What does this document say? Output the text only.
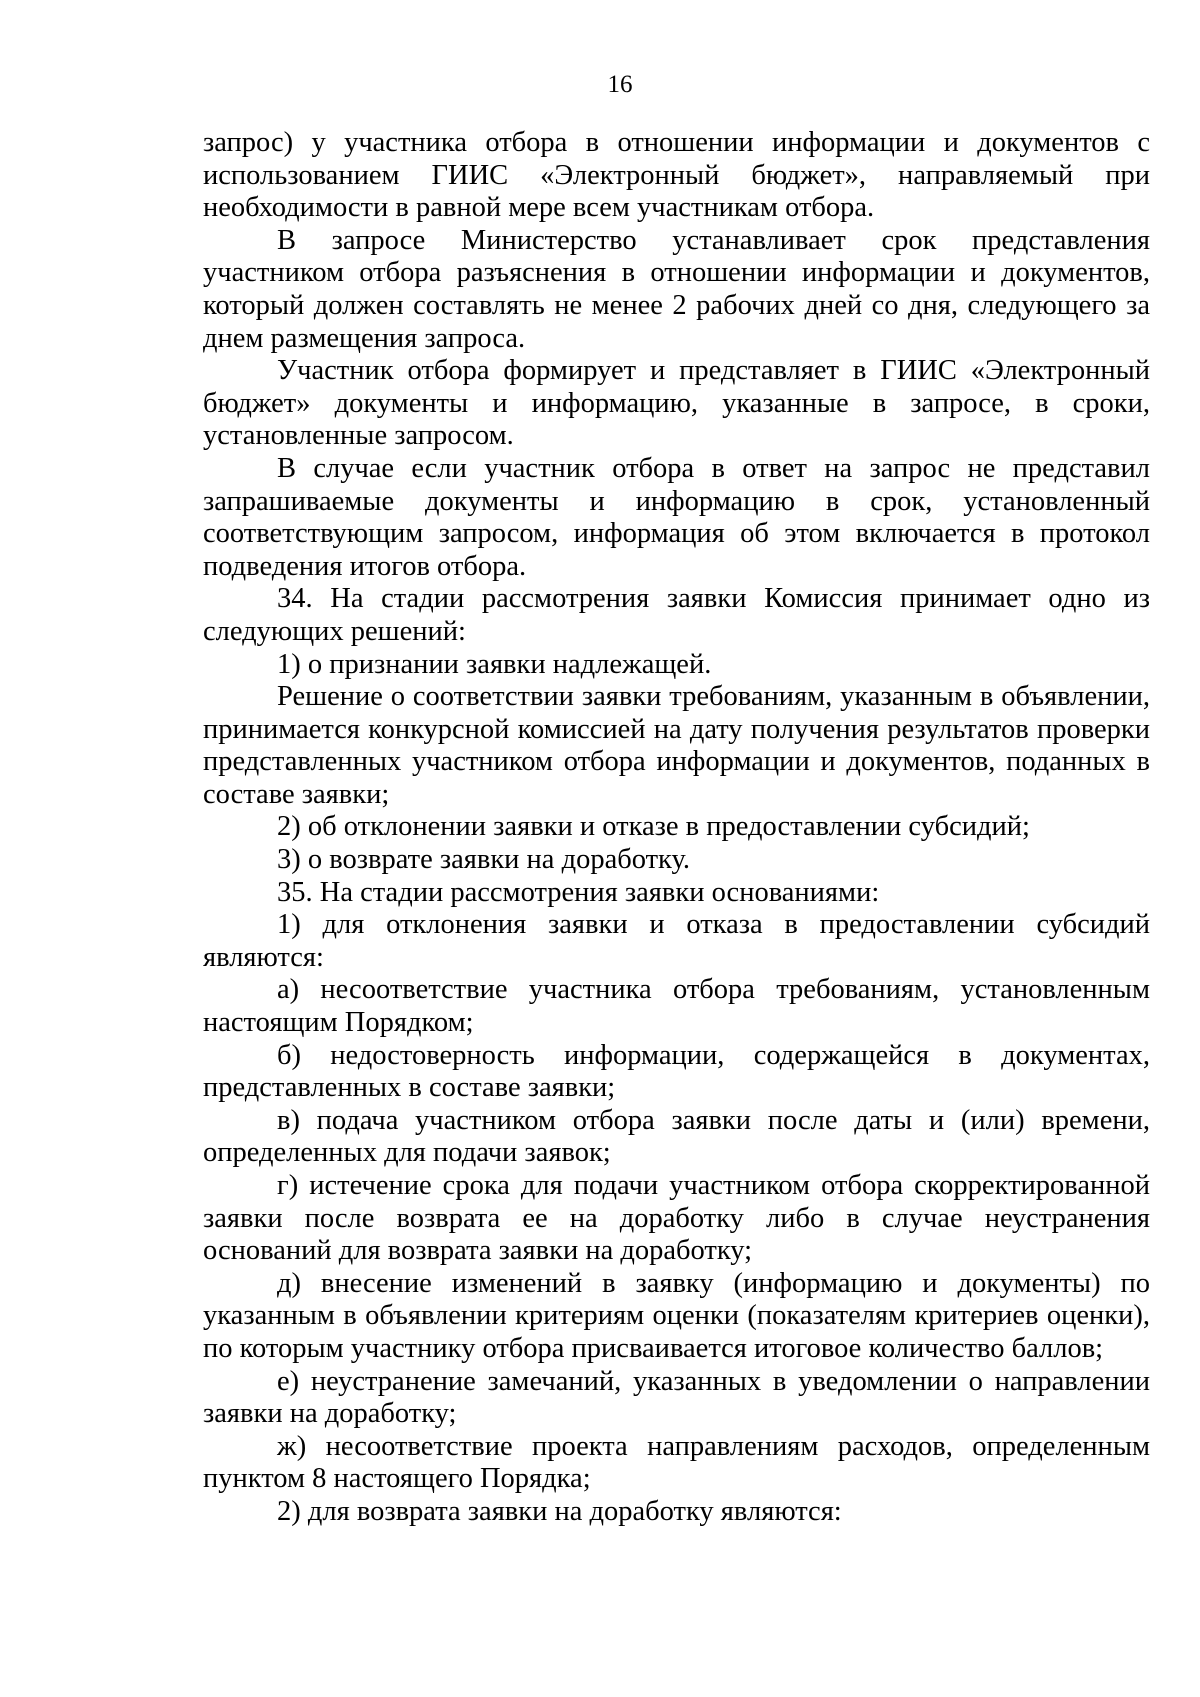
16

запрос) у участника отбора в отношении информации и документов с использованием ГИИС «Электронный бюджет», направляемый при необходимости в равной мере всем участникам отбора.

В запросе Министерство устанавливает срок представления участником отбора разъяснения в отношении информации и документов, который должен составлять не менее 2 рабочих дней со дня, следующего за днем размещения запроса.

Участник отбора формирует и представляет в ГИИС «Электронный бюджет» документы и информацию, указанные в запросе, в сроки, установленные запросом.

В случае если участник отбора в ответ на запрос не представил запрашиваемые документы и информацию в срок, установленный соответствующим запросом, информация об этом включается в протокол подведения итогов отбора.

34. На стадии рассмотрения заявки Комиссия принимает одно из следующих решений:

1) о признании заявки надлежащей.

Решение о соответствии заявки требованиям, указанным в объявлении, принимается конкурсной комиссией на дату получения результатов проверки представленных участником отбора информации и документов, поданных в составе заявки;

2) об отклонении заявки и отказе в предоставлении субсидий;

3) о возврате заявки на доработку.

35. На стадии рассмотрения заявки основаниями:

1) для отклонения заявки и отказа в предоставлении субсидий являются:

а) несоответствие участника отбора требованиям, установленным настоящим Порядком;

б) недостоверность информации, содержащейся в документах, представленных в составе заявки;

в) подача участником отбора заявки после даты и (или) времени, определенных для подачи заявок;

г) истечение срока для подачи участником отбора скорректированной заявки после возврата ее на доработку либо в случае неустранения оснований для возврата заявки на доработку;

д) внесение изменений в заявку (информацию и документы) по указанным в объявлении критериям оценки (показателям критериев оценки), по которым участнику отбора присваивается итоговое количество баллов;

е) неустранение замечаний, указанных в уведомлении о направлении заявки на доработку;

ж) несоответствие проекта направлениям расходов, определенным пунктом 8 настоящего Порядка;

2) для возврата заявки на доработку являются:
